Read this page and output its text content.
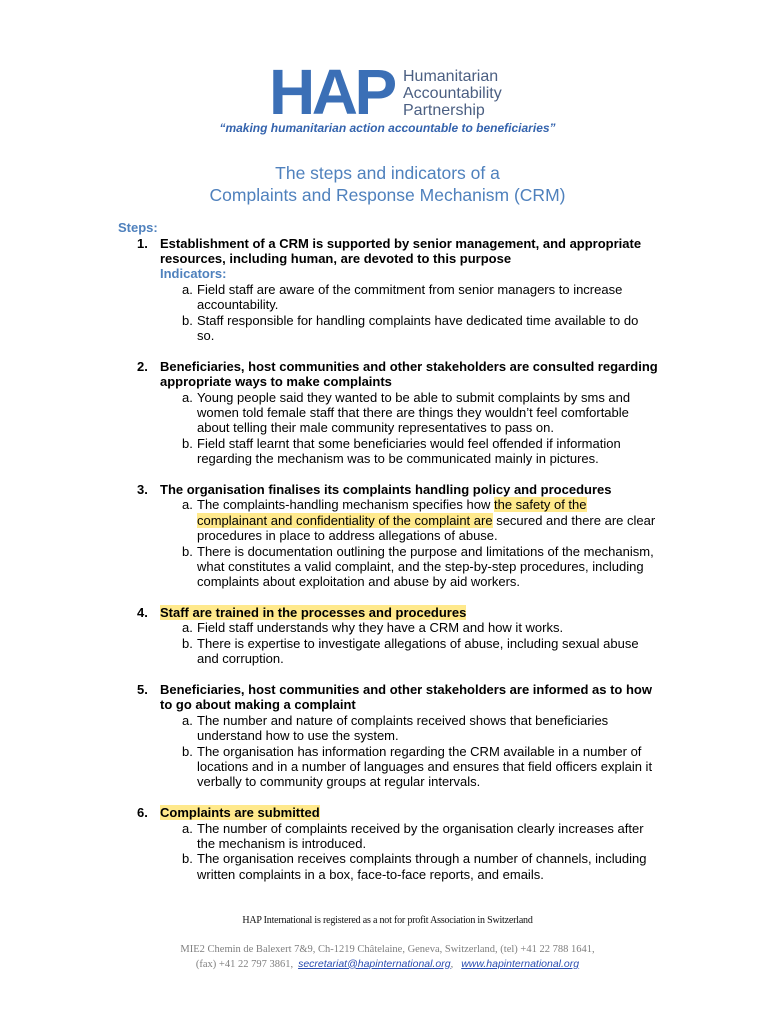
HAP Humanitarian
Accountability
Partnership
“making humanitarian action accountable to beneficiaries”
The steps and indicators of a
Complaints and Response Mechanism (CRM)
Steps:
1. Establishment of a CRM is supported by senior management, and appropriate
resources, including human, are devoted to this purpose
Indicators:
a. Field staff are aware of the commitment from senior managers to increase
accountability.
b. Staff responsible for handling complaints have dedicated time available to do
so.
2. Beneficiaries, host communities and other stakeholders are consulted regarding
appropriate ways to make complaints
a. Young people said they wanted to be able to submit complaints by sms and
women told female staff that there are things they wouldn’t feel comfortable
about telling their male community representatives to pass on.
b. Field staff learnt that some beneficiaries would feel offended if information
regarding the mechanism was to be communicated mainly in pictures.
3. The organisation finalises its complaints handling policy and procedures
a. The complaints-handling mechanism specifies how the safety of the
complainant and confidentiality of the complaint are secured and there are clear
procedures in place to address allegations of abuse.
b. There is documentation outlining the purpose and limitations of the mechanism,
what constitutes a valid complaint, and the step-by-step procedures, including
complaints about exploitation and abuse by aid workers.
4. Staff are trained in the processes and procedures
a. Field staff understands why they have a CRM and how it works.
b. There is expertise to investigate allegations of abuse, including sexual abuse
and corruption.
5. Beneficiaries, host communities and other stakeholders are informed as to how
to go about making a complaint
a. The number and nature of complaints received shows that beneficiaries
understand how to use the system.
b. The organisation has information regarding the CRM available in a number of
locations and in a number of languages and ensures that field officers explain it
verbally to community groups at regular intervals.
6. Complaints are submitted
a. The number of complaints received by the organisation clearly increases after
the mechanism is introduced.
b. The organisation receives complaints through a number of channels, including
written complaints in a box, face-to-face reports, and emails.
HAP International is registered as a not for profit Association in Switzerland
MIE2 Chemin de Balexert 7&9, Ch-1219 Châtelaine, Geneva, Switzerland, (tel) +41 22 788 1641,
(fax) +41 22 797 3861, secretariat@hapinternational.org, www.hapinternational.org
